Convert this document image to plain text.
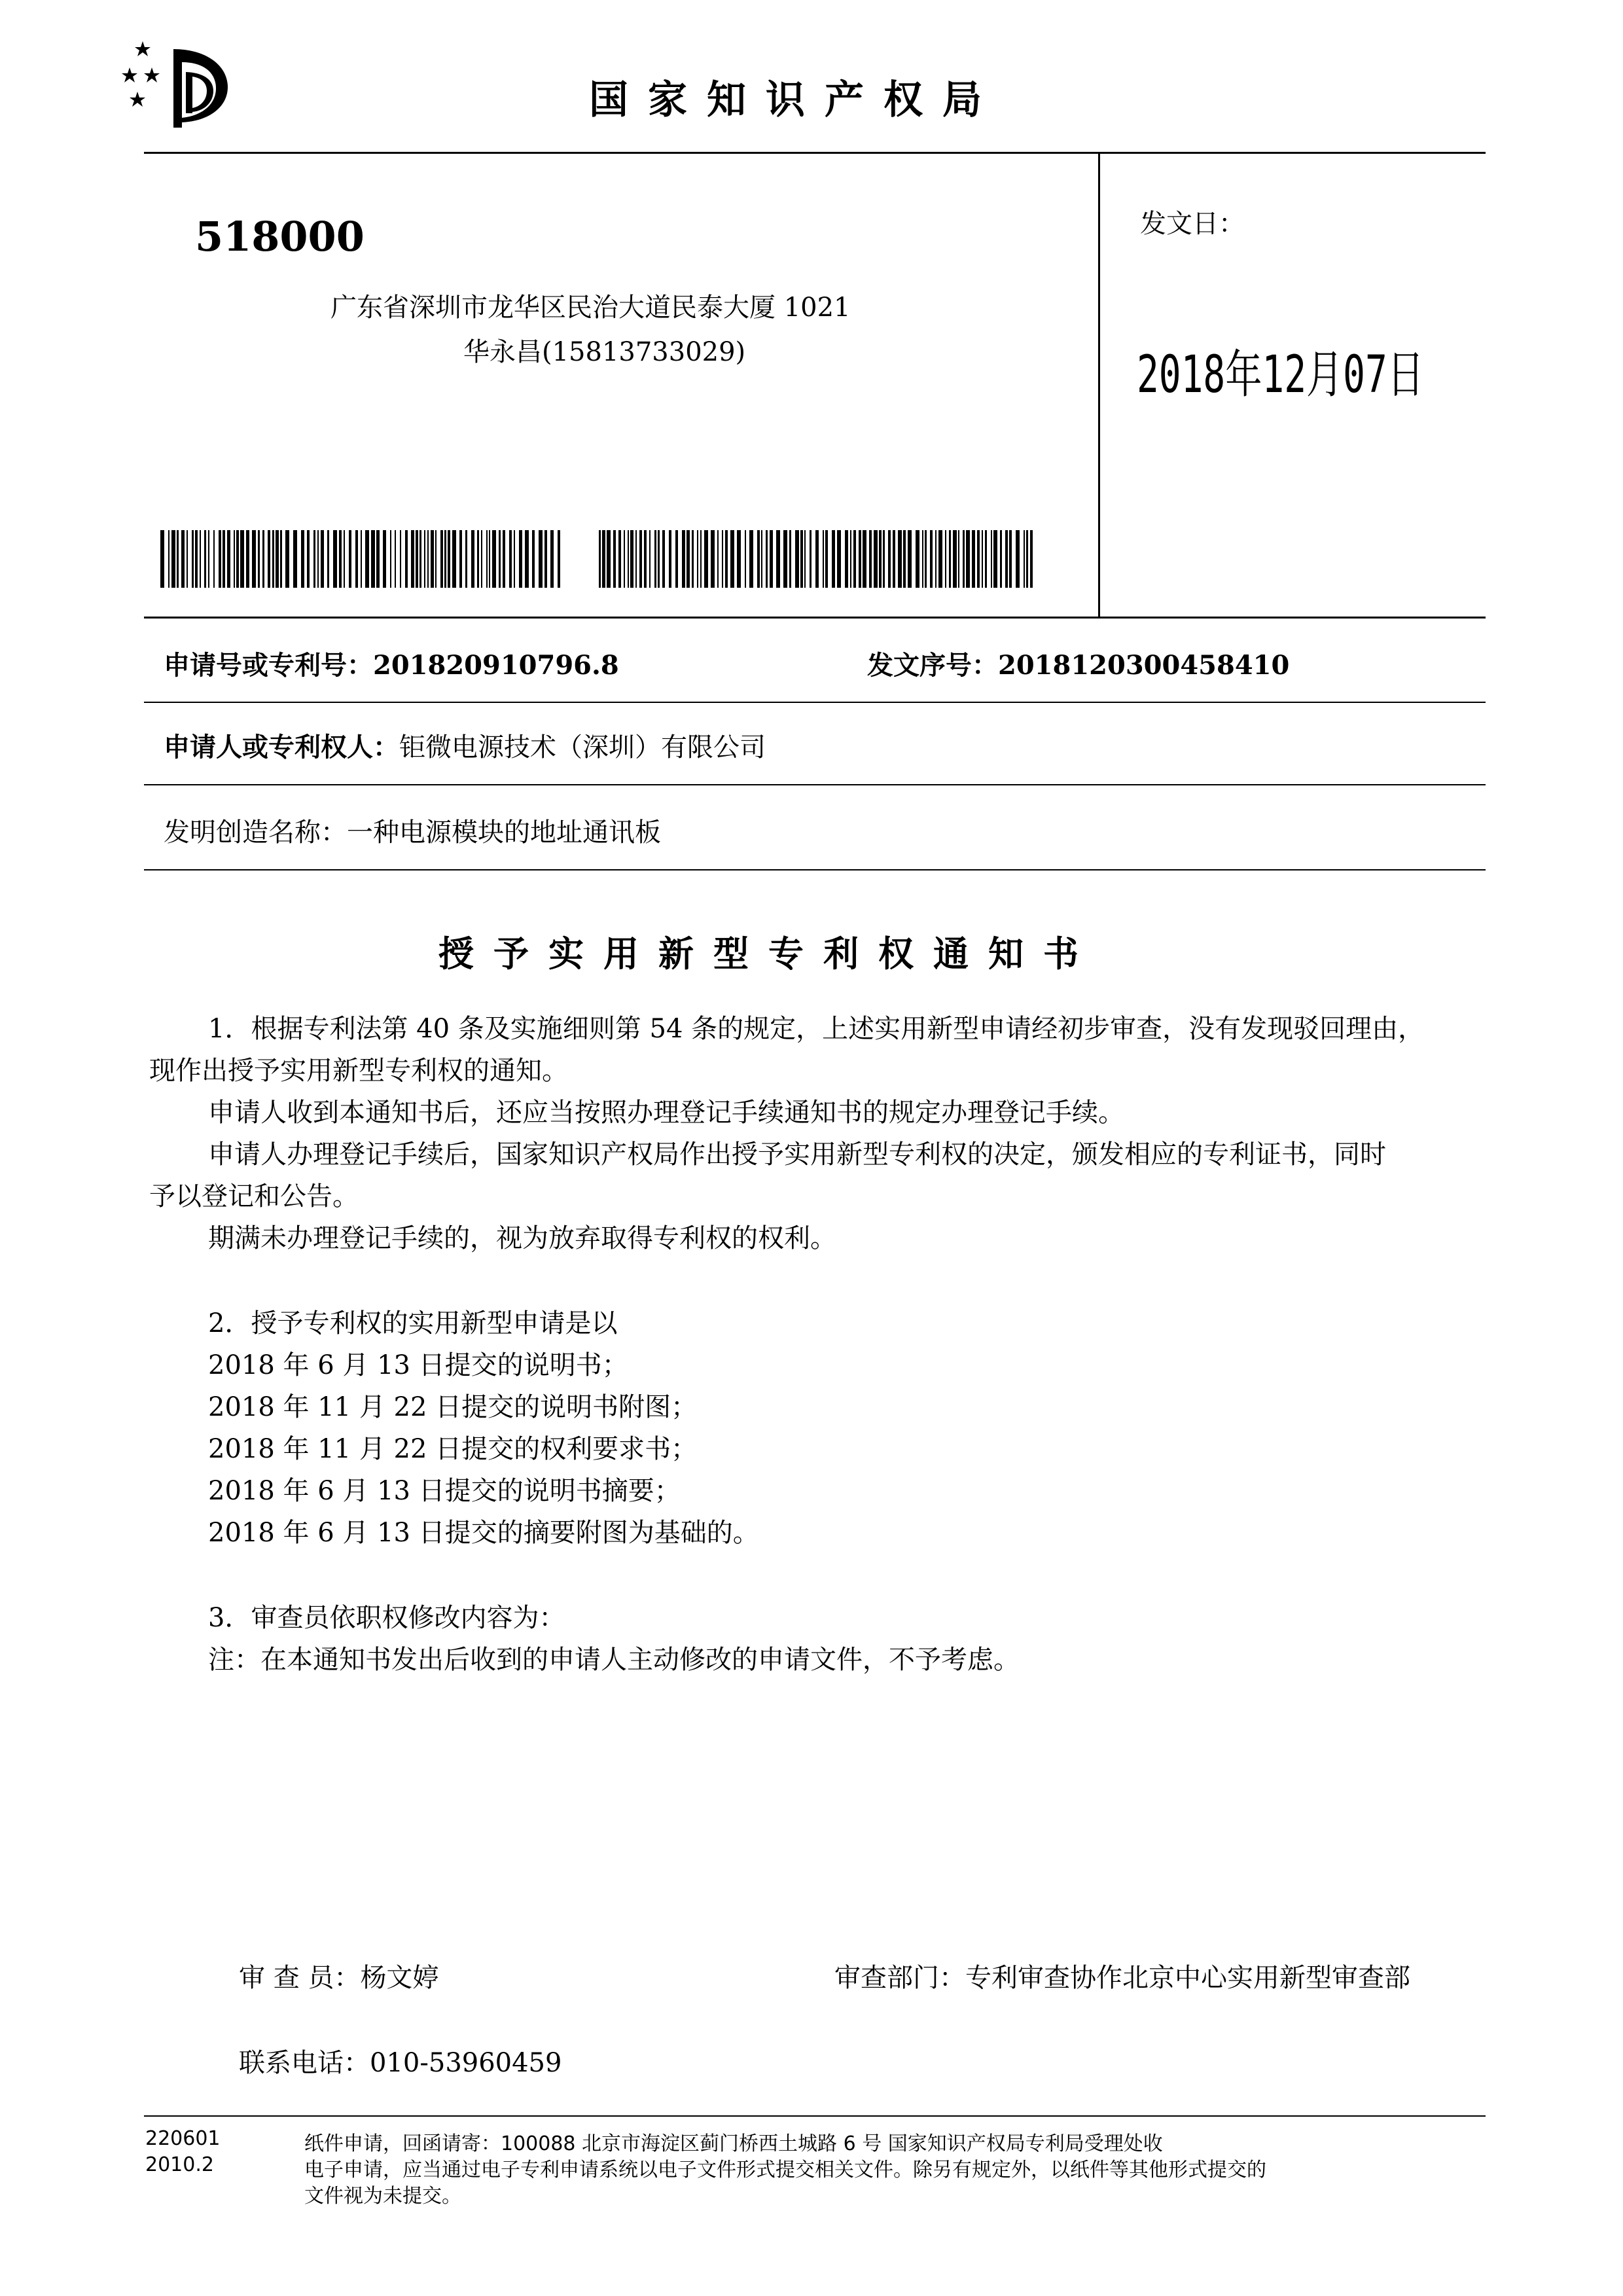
国家知识产权局
518000
广东省深圳市龙华区民治大道民泰大厦 1021
华永昌(15813733029)
发文日：
2018年12月07日
申请号或专利号：201820910796.8	发文序号：2018120300458410
申请人或专利权人：钜微电源技术（深圳）有限公司
发明创造名称：一种电源模块的地址通讯板
授予实用新型专利权通知书
1．根据专利法第 40 条及实施细则第 54 条的规定，上述实用新型申请经初步审查，没有发现驳回理由，
现作出授予实用新型专利权的通知。
申请人收到本通知书后，还应当按照办理登记手续通知书的规定办理登记手续。
申请人办理登记手续后，国家知识产权局作出授予实用新型专利权的决定，颁发相应的专利证书，同时
予以登记和公告。
期满未办理登记手续的，视为放弃取得专利权的权利。
2．授予专利权的实用新型申请是以
2018 年 6 月 13 日提交的说明书；
2018 年 11 月 22 日提交的说明书附图；
2018 年 11 月 22 日提交的权利要求书；
2018 年 6 月 13 日提交的说明书摘要；
2018 年 6 月 13 日提交的摘要附图为基础的。
3．审查员依职权修改内容为：
注：在本通知书发出后收到的申请人主动修改的申请文件，不予考虑。
审 查 员：杨文婷	审查部门：专利审查协作北京中心实用新型审查部
联系电话：010-53960459
220601
2010.2
纸件申请，回函请寄：100088 北京市海淀区蓟门桥西土城路 6 号 国家知识产权局专利局受理处收
电子申请，应当通过电子专利申请系统以电子文件形式提交相关文件。除另有规定外，以纸件等其他形式提交的
文件视为未提交。
